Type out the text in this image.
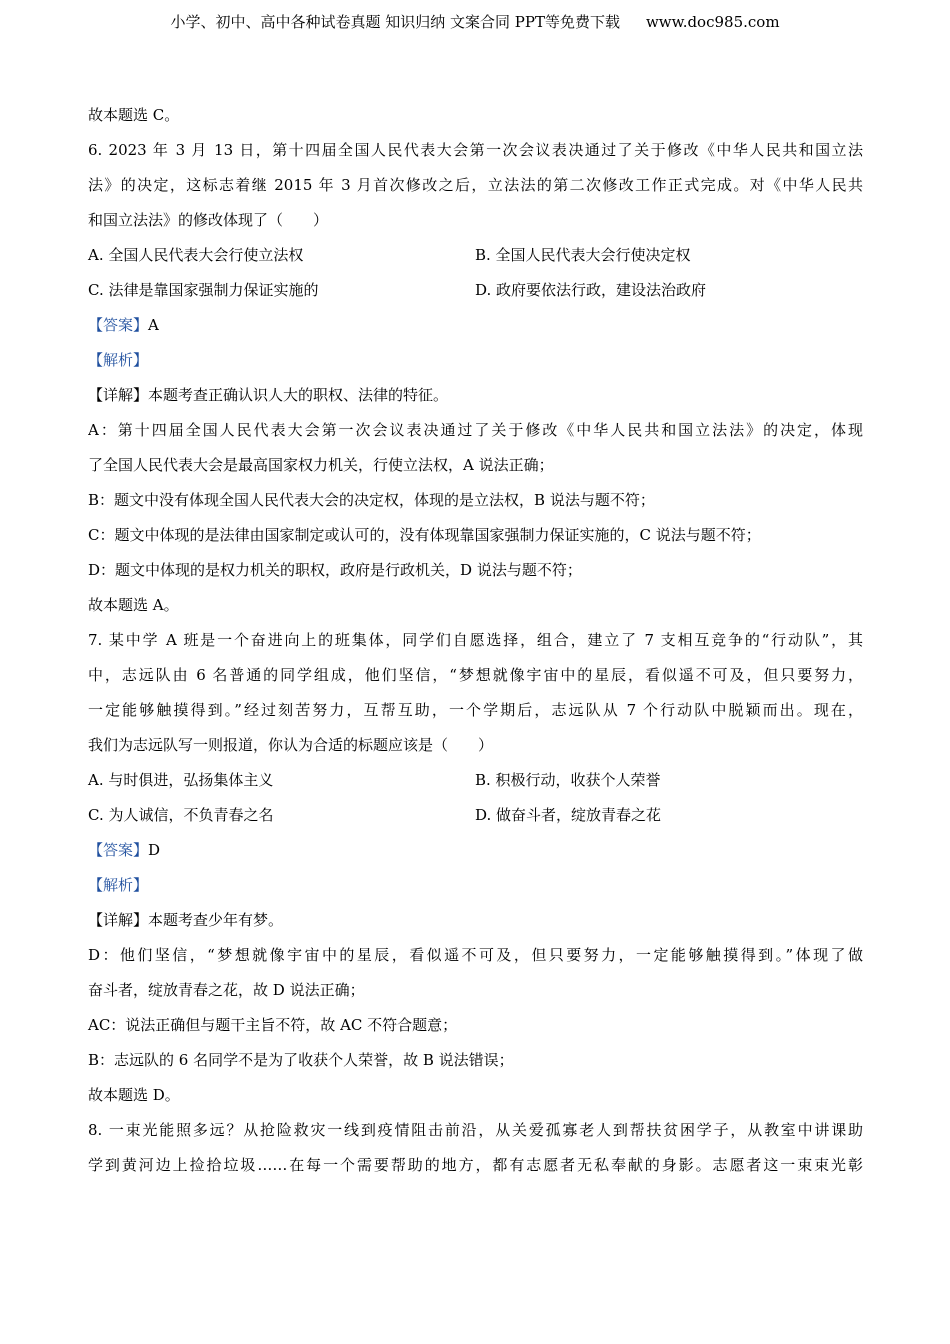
小学、初中、高中各种试卷真题 知识归纳 文案合同 PPT等免费下载 www.doc985.com
故本题选 C。
6. 2023 年 3 月 13 日，第十四届全国人民代表大会第一次会议表决通过了关于修改《中华人民共和国立法
法》的决定，这标志着继 2015 年 3 月首次修改之后，立法法的第二次修改工作正式完成。对《中华人民共
和国立法法》的修改体现了（　　）
A. 全国人民代表大会行使立法权	B. 全国人民代表大会行使决定权
C. 法律是靠国家强制力保证实施的	D. 政府要依法行政，建设法治政府
【答案】A
【解析】
【详解】本题考查正确认识人大的职权、法律的特征。
A：第十四届全国人民代表大会第一次会议表决通过了关于修改《中华人民共和国立法法》的决定，体现
了全国人民代表大会是最高国家权力机关，行使立法权，A 说法正确；
B：题文中没有体现全国人民代表大会的决定权，体现的是立法权，B 说法与题不符；
C：题文中体现的是法律由国家制定或认可的，没有体现靠国家强制力保证实施的，C 说法与题不符；
D：题文中体现的是权力机关的职权，政府是行政机关，D 说法与题不符；
故本题选 A。
7. 某中学 A 班是一个奋进向上的班集体，同学们自愿选择，组合，建立了 7 支相互竞争的“行动队”，其
中，志远队由 6 名普通的同学组成，他们坚信，“梦想就像宇宙中的星辰，看似遥不可及，但只要努力，
一定能够触摸得到。”经过刻苦努力，互帮互助，一个学期后，志远队从 7 个行动队中脱颖而出。现在，
我们为志远队写一则报道，你认为合适的标题应该是（　　）
A. 与时俱进，弘扬集体主义	B. 积极行动，收获个人荣誉
C. 为人诚信，不负青春之名	D. 做奋斗者，绽放青春之花
【答案】D
【解析】
【详解】本题考查少年有梦。
D：他们坚信，“梦想就像宇宙中的星辰，看似遥不可及，但只要努力，一定能够触摸得到。”体现了做
奋斗者，绽放青春之花，故 D 说法正确；
AC：说法正确但与题干主旨不符，故 AC 不符合题意；
B：志远队的 6 名同学不是为了收获个人荣誉，故 B 说法错误；
故本题选 D。
8. 一束光能照多远？从抢险救灾一线到疫情阻击前沿，从关爱孤寡老人到帮扶贫困学子，从教室中讲课助
学到黄河边上捡拾垃圾……在每一个需要帮助的地方，都有志愿者无私奉献的身影。志愿者这一束束光彰
